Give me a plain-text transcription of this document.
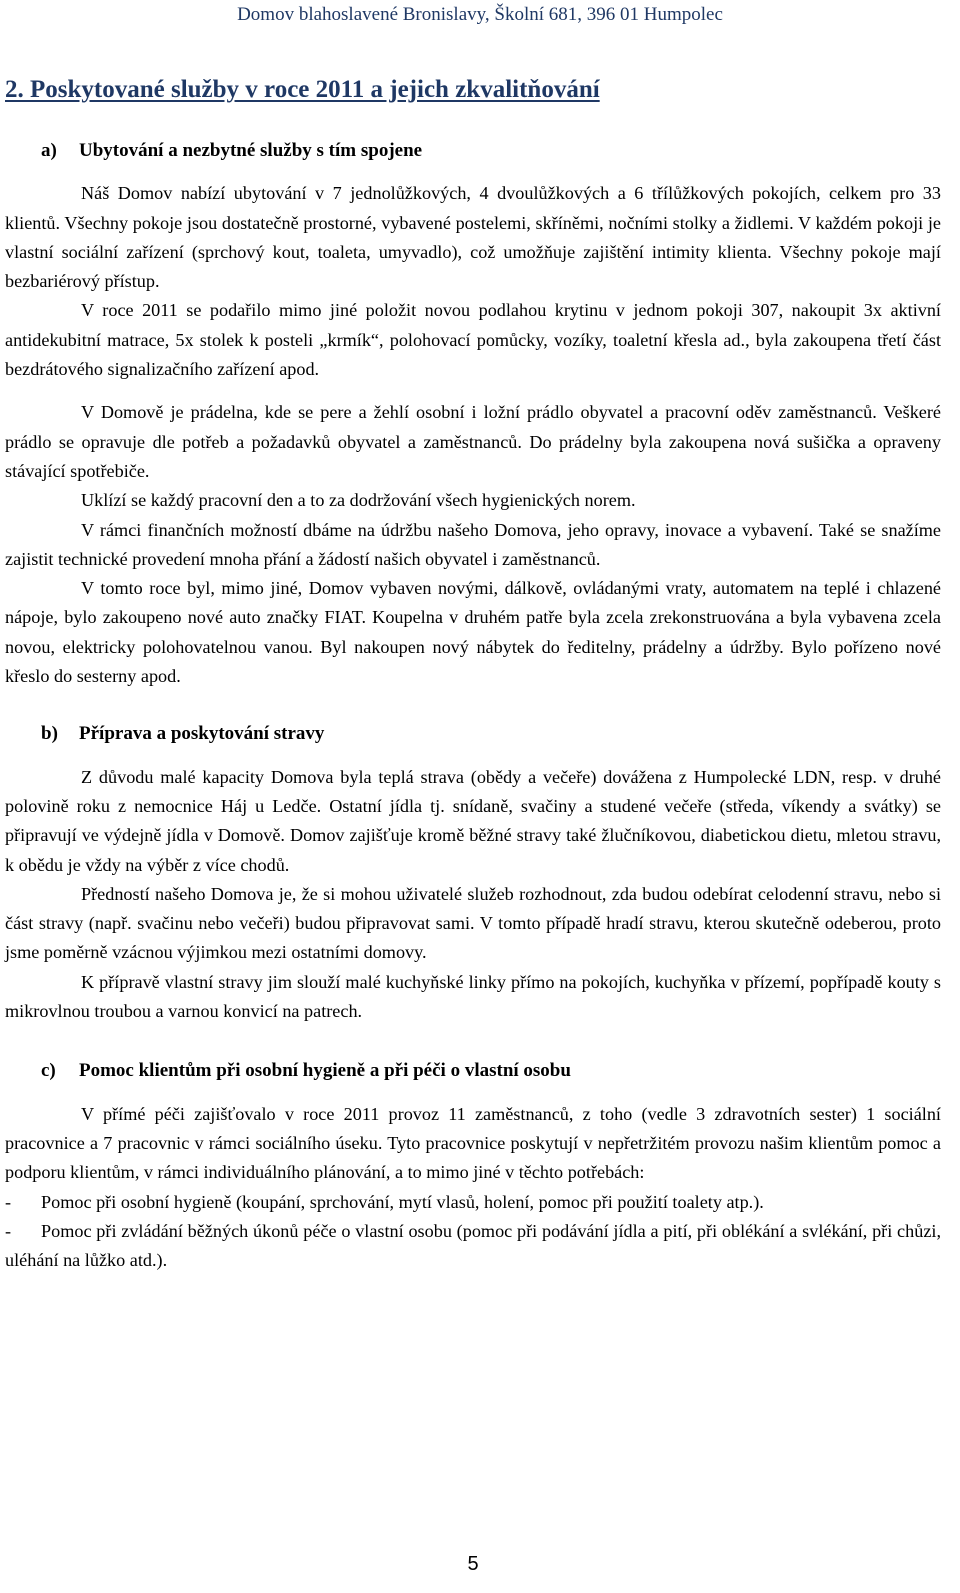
Domov blahoslavené Bronislavy, Školní 681, 396 01 Humpolec
2. Poskytované služby v roce 2011 a jejich zkvalitňování

a) Ubytování a nezbytné služby s tím spojene

Náš Domov nabízí ubytování v 7 jednolůžkových, 4 dvoulůžkových a 6 třílůžkových pokojích, celkem pro 33 klientů. Všechny pokoje jsou dostatečně prostorné, vybavené postelemi, skříněmi, nočními stolky a židlemi. V každém pokoji je vlastní sociální zařízení (sprchový kout, toaleta, umyvadlo), což umožňuje zajištění intimity klienta. Všechny pokoje mají bezbariérový přístup.

V roce 2011 se podařilo mimo jiné položit novou podlahou krytinu v jednom pokoji 307, nakoupit 3x aktivní antidekubitní matrace, 5x stolek k posteli „krmík“, polohovací pomůcky, vozíky, toaletní křesla ad., byla zakoupena třetí část bezdrátového signalizačního zařízení apod.

V Domově je prádelna, kde se pere a žehlí osobní i ložní prádlo obyvatel a pracovní oděv zaměstnanců. Veškeré prádlo se opravuje dle potřeb a požadavků obyvatel a zaměstnanců. Do prádelny byla zakoupena nová sušička a opraveny stávající spotřebiče.

Uklízí se každý pracovní den a to za dodržování všech hygienických norem.

V rámci finančních možností dbáme na údržbu našeho Domova, jeho opravy, inovace a vybavení. Také se snažíme zajistit technické provedení mnoha přání a žádostí našich obyvatel i zaměstnanců.

V tomto roce byl, mimo jiné, Domov vybaven novými, dálkově, ovládanými vraty, automatem na teplé i chlazené nápoje, bylo zakoupeno nové auto značky FIAT. Koupelna v druhém patře byla zcela zrekonstruována a byla vybavena zcela novou, elektricky polohovatelnou vanou. Byl nakoupen nový nábytek do ředitelny, prádelny a údržby. Bylo pořízeno nové křeslo do sesterny apod.

b) Příprava a poskytování stravy

Z důvodu malé kapacity Domova byla teplá strava (obědy a večeře) dovážena z Humpolecké LDN, resp. v druhé polovině roku z nemocnice Háj u Ledče. Ostatní jídla tj. snídaně, svačiny a studené večeře (středa, víkendy a svátky) se připravují ve výdejně jídla v Domově. Domov zajišťuje kromě běžné stravy také žlučníkovou, diabetickou dietu, mletou stravu, k obědu je vždy na výběr z více chodů.

Předností našeho Domova je, že si mohou uživatelé služeb rozhodnout, zda budou odebírat celodenní stravu, nebo si část stravy (např. svačinu nebo večeři) budou připravovat sami. V tomto případě hradí stravu, kterou skutečně odeberou, proto jsme poměrně vzácnou výjimkou mezi ostatními domovy.

K přípravě vlastní stravy jim slouží malé kuchyňské linky přímo na pokojích, kuchyňka v přízemí, popřípadě kouty s mikrovlnou troubou a varnou konvicí na patrech.

c) Pomoc klientům při osobní hygieně a při péči o vlastní osobu

V přímé péči zajišťovalo v roce 2011 provoz 11 zaměstnanců, z toho (vedle 3 zdravotních sester) 1 sociální pracovnice a 7 pracovnic v rámci sociálního úseku. Tyto pracovnice poskytují v nepřetržitém provozu našim klientům pomoc a podporu klientům, v rámci individuálního plánování, a to mimo jiné v těchto potřebách:

- Pomoc při osobní hygieně (koupání, sprchování, mytí vlasů, holení, pomoc při použití toalety atp.).

- Pomoc při zvládání běžných úkonů péče o vlastní osobu (pomoc při podávání jídla a pití, při oblékání a svlékání, při chůzi, uléhání na lůžko atd.).

5
